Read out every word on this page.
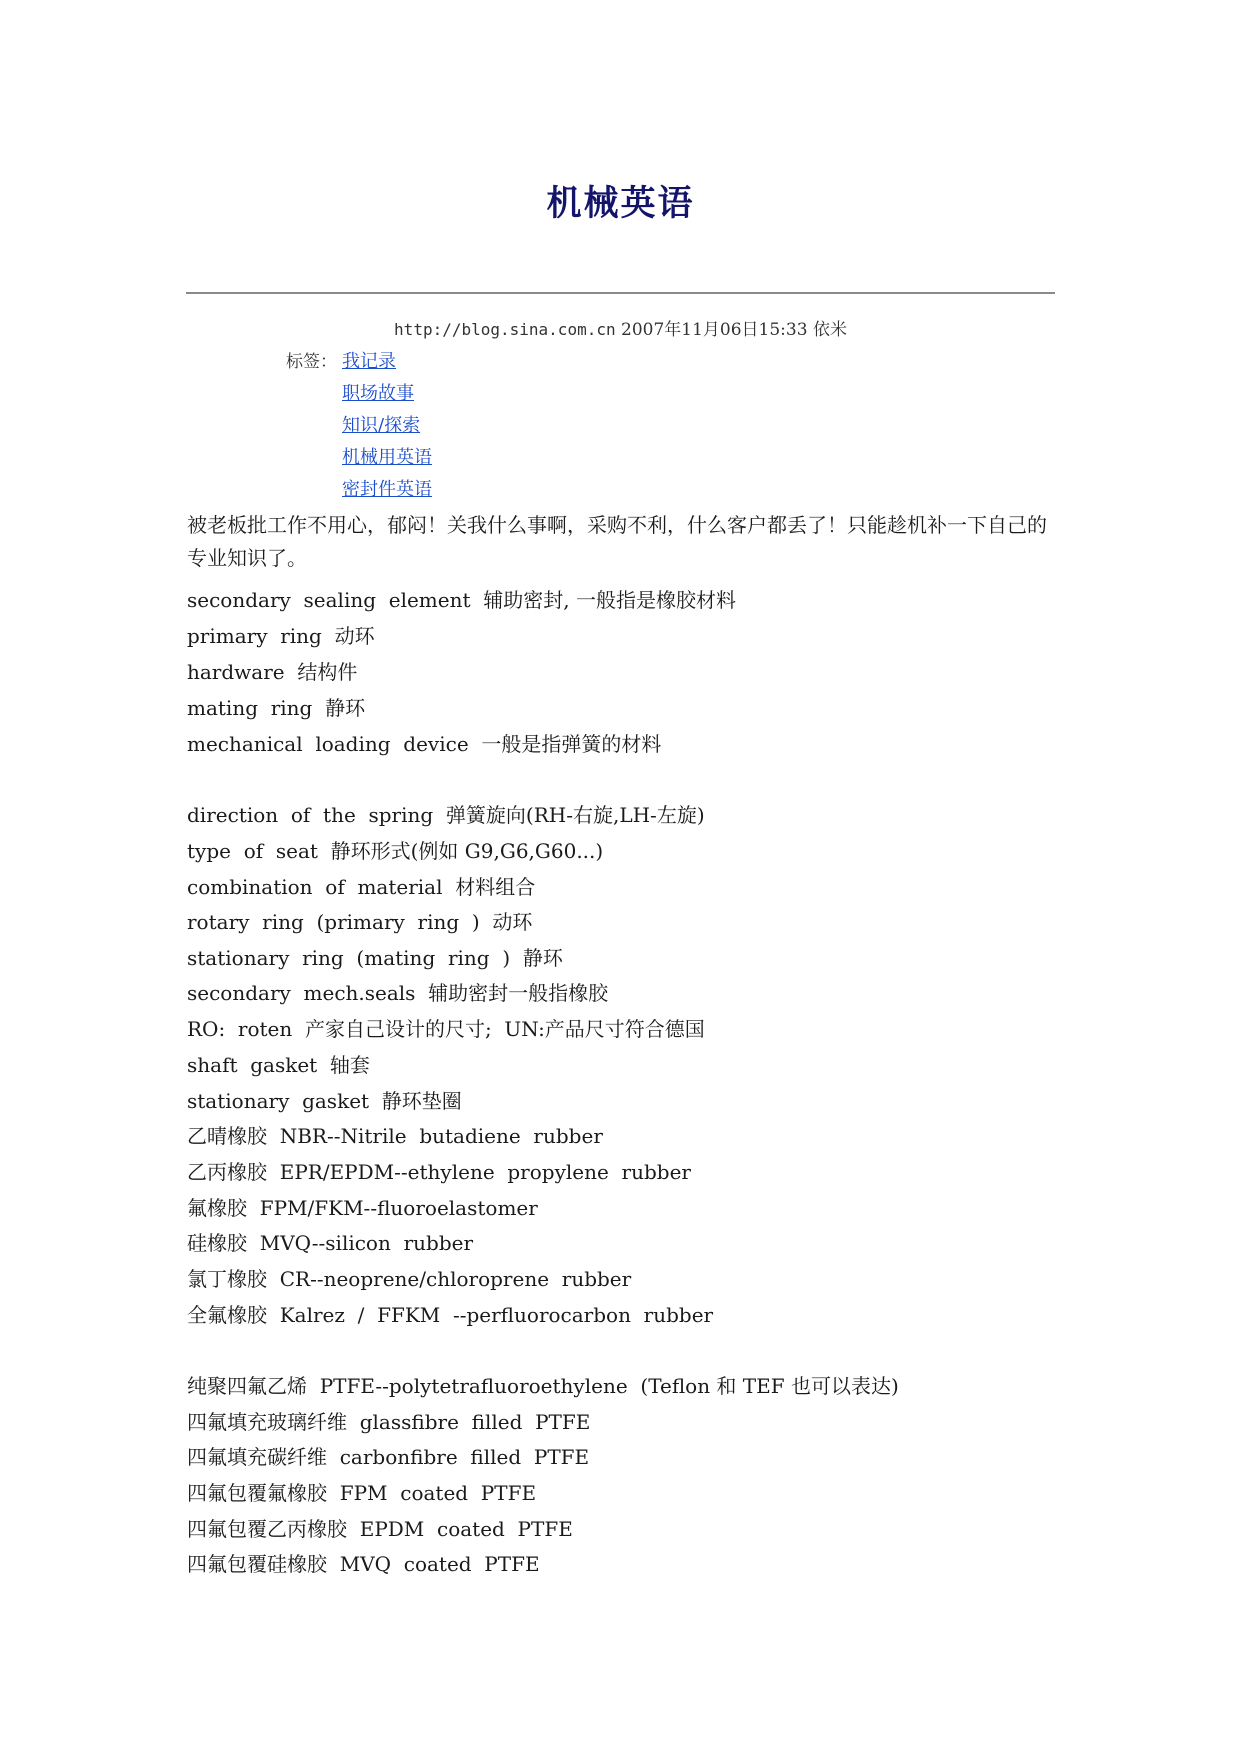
机械英语
http://blog.sina.com.cn 2007年11月06日15:33 依米
标签： 我记录
职场故事
知识/探索
机械用英语
密封件英语
被老板批工作不用心，郁闷！关我什么事啊，采购不利，什么客户都丢了！只能趁机补一下自己的专业知识了。
secondary  sealing  element  辅助密封, 一般指是橡胶材料
primary  ring  动环
hardware  结构件
mating  ring  静环
mechanical  loading  device  一般是指弹簧的材料
direction  of  the  spring  弹簧旋向(RH-右旋,LH-左旋)
type  of  seat  静环形式(例如 G9,G6,G60...)
combination  of  material  材料组合
rotary  ring  (primary  ring  )  动环
stationary  ring  (mating  ring  )  静环
secondary  mech.seals  辅助密封一般指橡胶
RO:  roten  产家自己设计的尺寸;  UN:产品尺寸符合德国
shaft  gasket  轴套
stationary  gasket  静环垫圈
乙晴橡胶  NBR--Nitrile  butadiene  rubber
乙丙橡胶  EPR/EPDM--ethylene  propylene  rubber
氟橡胶  FPM/FKM--fluoroelastomer
硅橡胶  MVQ--silicon  rubber
氯丁橡胶  CR--neoprene/chloroprene  rubber
全氟橡胶  Kalrez  /  FFKM  --perfluorocarbon  rubber
纯聚四氟乙烯  PTFE--polytetrafluoroethylene  (Teflon 和 TEF 也可以表达)
四氟填充玻璃纤维  glassfibre  filled  PTFE
四氟填充碳纤维  carbonfibre  filled  PTFE
四氟包覆氟橡胶  FPM  coated  PTFE
四氟包覆乙丙橡胶  EPDM  coated  PTFE
四氟包覆硅橡胶  MVQ  coated  PTFE
